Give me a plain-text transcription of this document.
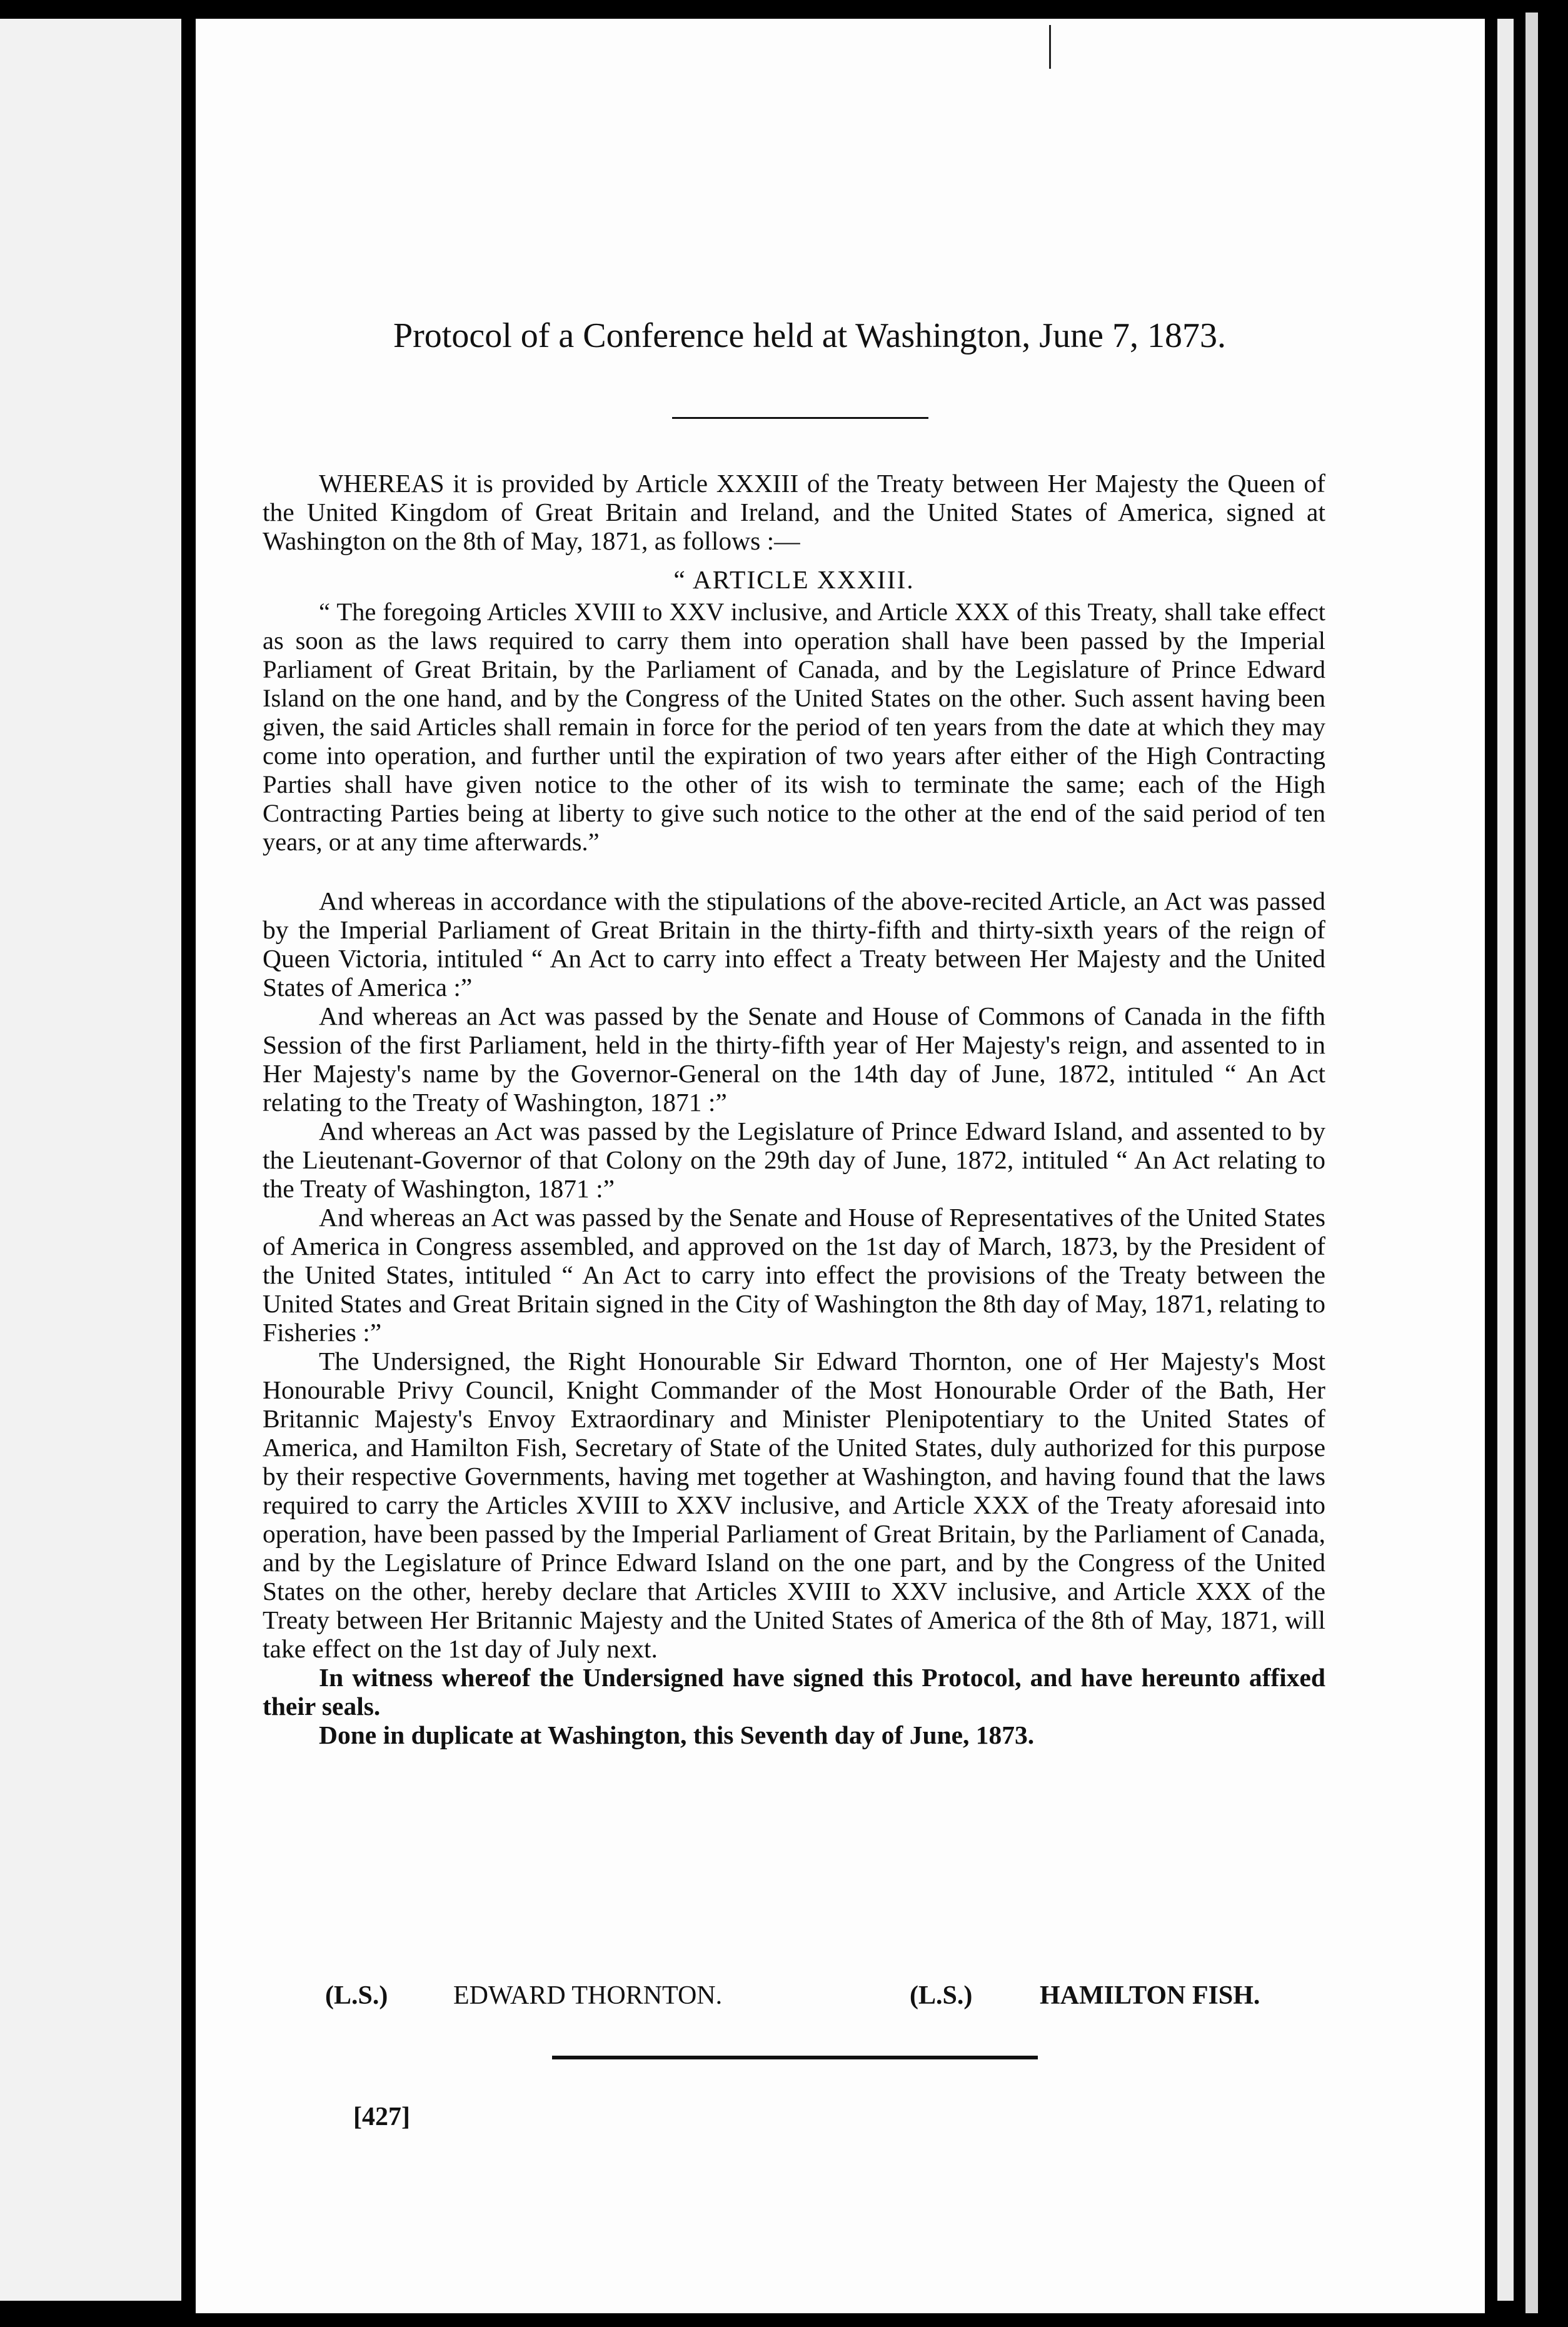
Protocol of a Conference held at Washington, June 7, 1873.

WHEREAS it is provided by Article XXXIII of the Treaty between Her Majesty the Queen of the United Kingdom of Great Britain and Ireland, and the United States of America, signed at Washington on the 8th of May, 1871, as follows :—

“ ARTICLE XXXIII.

“ The foregoing Articles XVIII to XXV inclusive, and Article XXX of this Treaty, shall take effect as soon as the laws required to carry them into operation shall have been passed by the Imperial Parliament of Great Britain, by the Parliament of Canada, and by the Legislature of Prince Edward Island on the one hand, and by the Congress of the United States on the other. Such assent having been given, the said Articles shall remain in force for the period of ten years from the date at which they may come into operation, and further until the expiration of two years after either of the High Contracting Parties shall have given notice to the other of its wish to terminate the same; each of the High Contracting Parties being at liberty to give such notice to the other at the end of the said period of ten years, or at any time afterwards.”

And whereas in accordance with the stipulations of the above-recited Article, an Act was passed by the Imperial Parliament of Great Britain in the thirty-fifth and thirty-sixth years of the reign of Queen Victoria, intituled “ An Act to carry into effect a Treaty between Her Majesty and the United States of America :”

And whereas an Act was passed by the Senate and House of Commons of Canada in the fifth Session of the first Parliament, held in the thirty-fifth year of Her Majesty's reign, and assented to in Her Majesty's name by the Governor-General on the 14th day of June, 1872, intituled “ An Act relating to the Treaty of Washington, 1871 :”

And whereas an Act was passed by the Legislature of Prince Edward Island, and assented to by the Lieutenant-Governor of that Colony on the 29th day of June, 1872, intituled “ An Act relating to the Treaty of Washington, 1871 :”

And whereas an Act was passed by the Senate and House of Representatives of the United States of America in Congress assembled, and approved on the 1st day of March, 1873, by the President of the United States, intituled “ An Act to carry into effect the provisions of the Treaty between the United States and Great Britain signed in the City of Washington the 8th day of May, 1871, relating to Fisheries :”

The Undersigned, the Right Honourable Sir Edward Thornton, one of Her Majesty's Most Honourable Privy Council, Knight Commander of the Most Honourable Order of the Bath, Her Britannic Majesty's Envoy Extraordinary and Minister Plenipotentiary to the United States of America, and Hamilton Fish, Secretary of State of the United States, duly authorized for this purpose by their respective Governments, having met together at Washington, and having found that the laws required to carry the Articles XVIII to XXV inclusive, and Article XXX of the Treaty aforesaid into operation, have been passed by the Imperial Parliament of Great Britain, by the Parliament of Canada, and by the Legislature of Prince Edward Island on the one part, and by the Congress of the United States on the other, hereby declare that Articles XVIII to XXV inclusive, and Article XXX of the Treaty between Her Britannic Majesty and the United States of America of the 8th of May, 1871, will take effect on the 1st day of July next.

In witness whereof the Undersigned have signed this Protocol, and have hereunto affixed their seals.

Done in duplicate at Washington, this Seventh day of June, 1873.

(L.S.) EDWARD THORNTON.	(L.S.)	HAMILTON FISH.
[427]
